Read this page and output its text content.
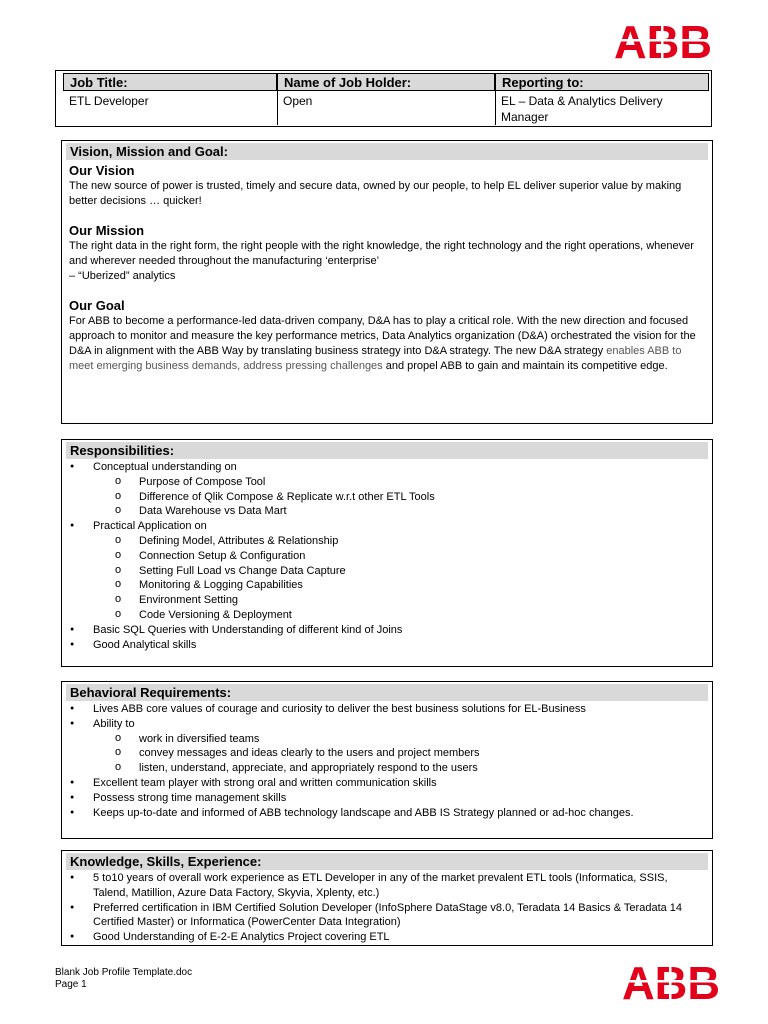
Job Title:
ETL Developer
Name of Job Holder:
Open
Reporting to:
EL – Data & Analytics Delivery Manager
Vision, Mission and Goal:
Our Vision
The new source of power is trusted, timely and secure data, owned by our people, to help EL deliver superior value by making better decisions … quicker!
Our Mission
The right data in the right form, the right people with the right knowledge, the right technology and the right operations, whenever and wherever needed throughout the manufacturing ‘enterprise’
– “Uberized” analytics
Our Goal
For ABB to become a performance-led data-driven company, D&A has to play a critical role. With the new direction and focused approach to monitor and measure the key performance metrics, Data Analytics organization (D&A) orchestrated the vision for the D&A in alignment with the ABB Way by translating business strategy into D&A strategy. The new D&A strategy enables ABB to meet emerging business demands, address pressing challenges and propel ABB to gain and maintain its competitive edge.
Responsibilities:
● Conceptual understanding on
o Purpose of Compose Tool
o Difference of Qlik Compose & Replicate w.r.t other ETL Tools
o Data Warehouse vs Data Mart
● Practical Application on
o Defining Model, Attributes & Relationship
o Connection Setup & Configuration
o Setting Full Load vs Change Data Capture
o Monitoring & Logging Capabilities
o Environment Setting
o Code Versioning & Deployment
● Basic SQL Queries with Understanding of different kind of Joins
● Good Analytical skills
Behavioral Requirements:
● Lives ABB core values of courage and curiosity to deliver the best business solutions for EL-Business
● Ability to
o work in diversified teams
o convey messages and ideas clearly to the users and project members
o listen, understand, appreciate, and appropriately respond to the users
● Excellent team player with strong oral and written communication skills
● Possess strong time management skills
● Keeps up-to-date and informed of ABB technology landscape and ABB IS Strategy planned or ad-hoc changes.
Knowledge, Skills, Experience:
● 5 to10 years of overall work experience as ETL Developer in any of the market prevalent ETL tools (Informatica, SSIS, Talend, Matillion, Azure Data Factory, Skyvia, Xplenty, etc.)
● Preferred certification in IBM Certified Solution Developer (InfoSphere DataStage v8.0, Teradata 14 Basics & Teradata 14 Certified Master) or Informatica (PowerCenter Data Integration)
● Good Understanding of E-2-E Analytics Project covering ETL
Blank Job Profile Template.doc
Page 1
